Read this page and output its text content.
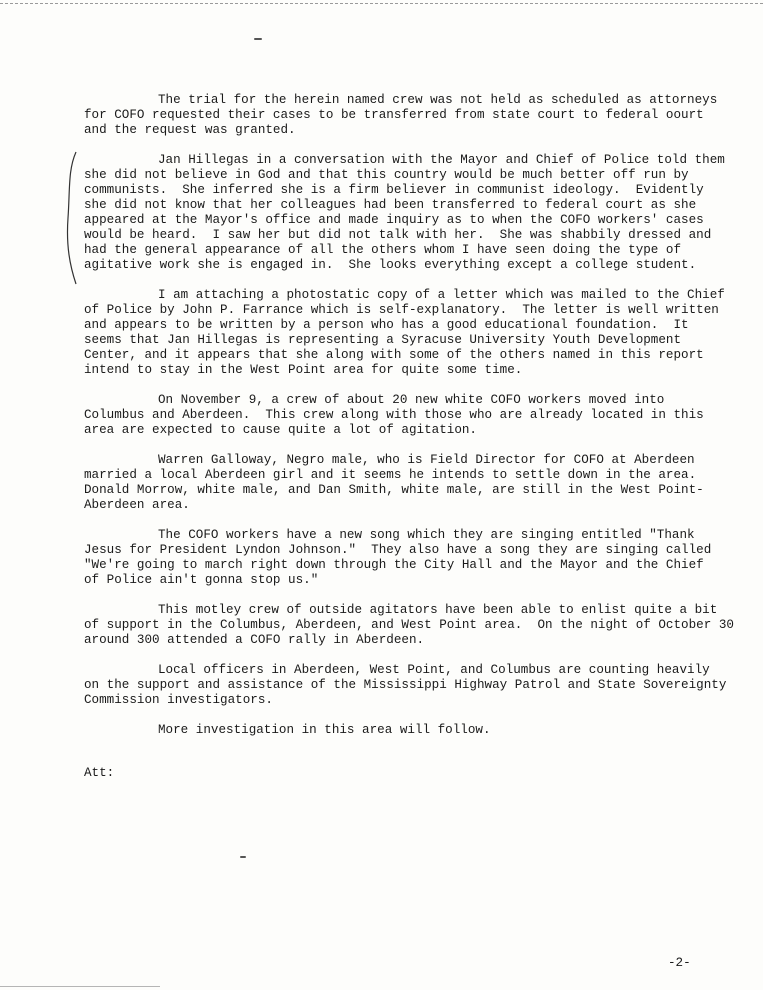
The trial for the herein named crew was not held as scheduled as attorneys
for COFO requested their cases to be transferred from state court to federal oourt
and the request was granted.
Jan Hillegas in a conversation with the Mayor and Chief of Police told them
she did not believe in God and that this country would be much better off run by
communists.  She inferred she is a firm believer in communist ideology.  Evidently
she did not know that her colleagues had been transferred to federal court as she
appeared at the Mayor's office and made inquiry as to when the COFO workers' cases
would be heard.  I saw her but did not talk with her.  She was shabbily dressed and
had the general appearance of all the others whom I have seen doing the type of
agitative work she is engaged in.  She looks everything except a college student.
I am attaching a photostatic copy of a letter which was mailed to the Chief
of Police by John P. Farrance which is self-explanatory.  The letter is well written
and appears to be written by a person who has a good educational foundation.  It
seems that Jan Hillegas is representing a Syracuse University Youth Development
Center, and it appears that she along with some of the others named in this report
intend to stay in the West Point area for quite some time.
On November 9, a crew of about 20 new white COFO workers moved into
Columbus and Aberdeen.  This crew along with those who are already located in this
area are expected to cause quite a lot of agitation.
Warren Galloway, Negro male, who is Field Director for COFO at Aberdeen
married a local Aberdeen girl and it seems he intends to settle down in the area.
Donald Morrow, white male, and Dan Smith, white male, are still in the West Point-
Aberdeen area.
The COFO workers have a new song which they are singing entitled "Thank
Jesus for President Lyndon Johnson."  They also have a song they are singing called
"We're going to march right down through the City Hall and the Mayor and the Chief
of Police ain't gonna stop us."
This motley crew of outside agitators have been able to enlist quite a bit
of support in the Columbus, Aberdeen, and West Point area.  On the night of October 30
around 300 attended a COFO rally in Aberdeen.
Local officers in Aberdeen, West Point, and Columbus are counting heavily
on the support and assistance of the Mississippi Highway Patrol and State Sovereignty
Commission investigators.
More investigation in this area will follow.
Att:
-2-
